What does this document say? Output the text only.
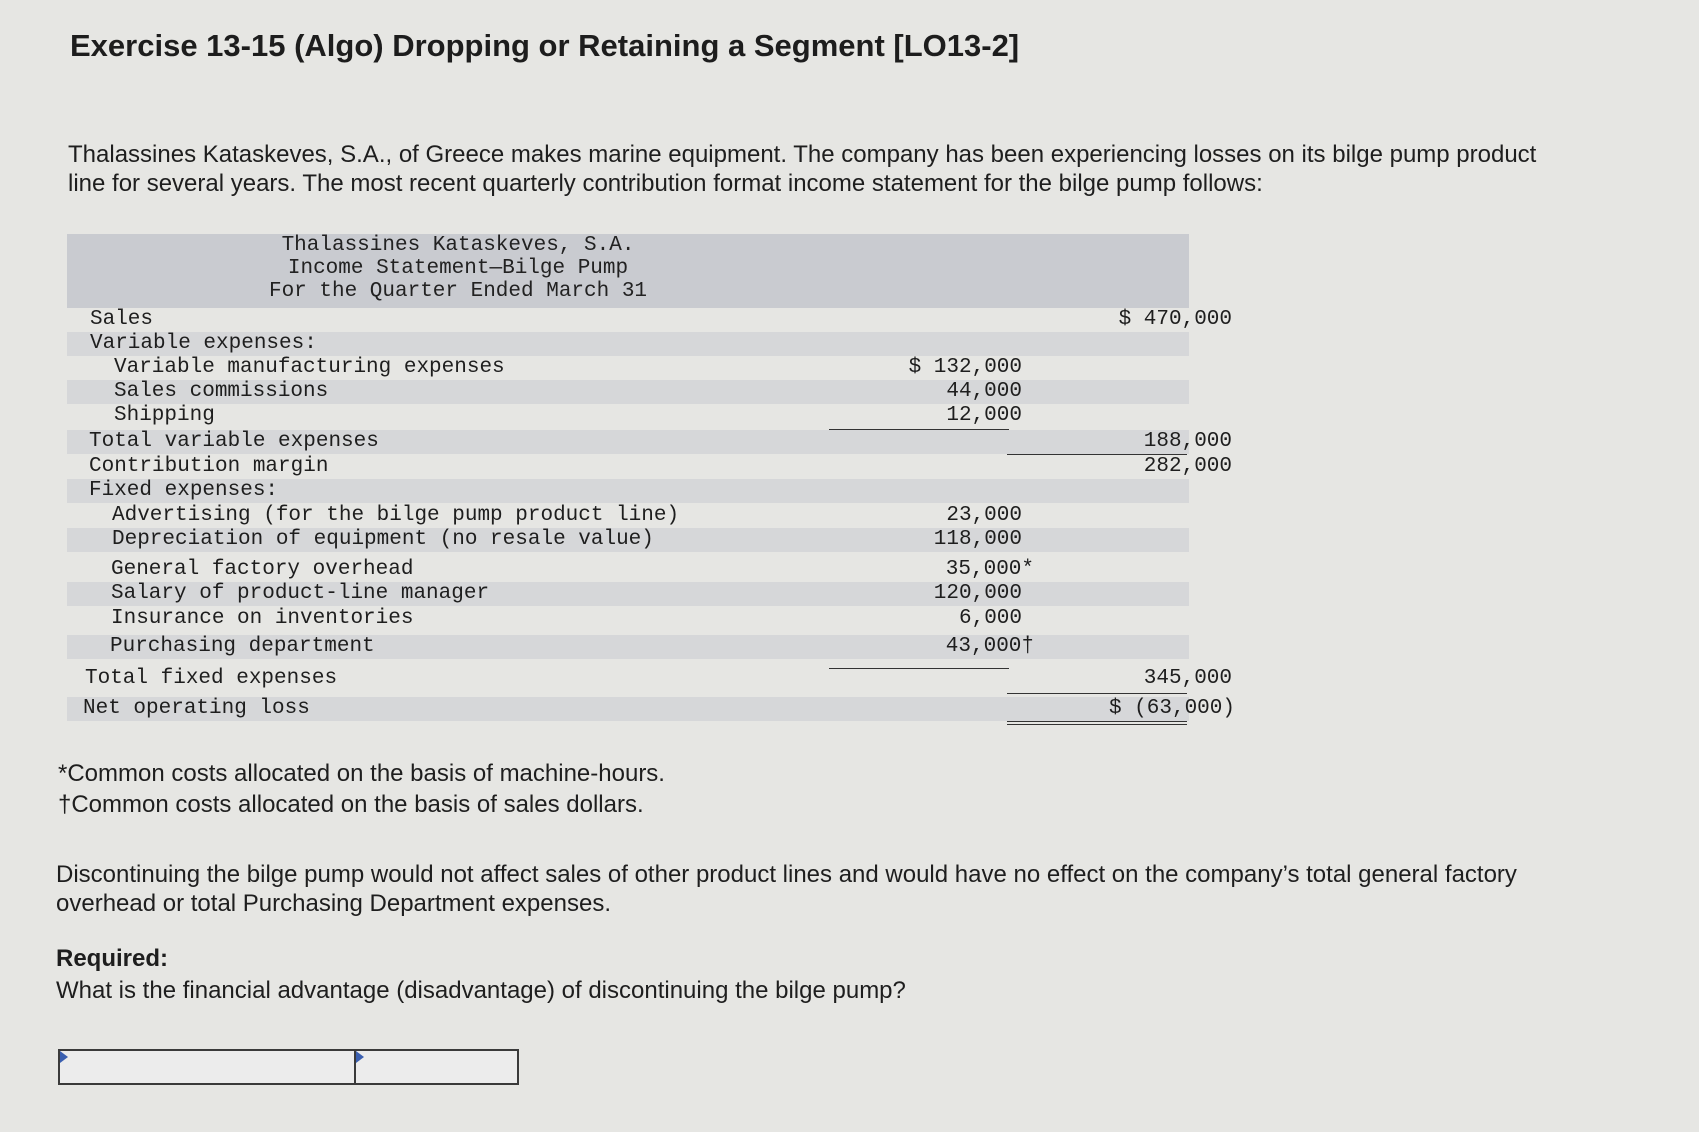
Exercise 13-15 (Algo) Dropping or Retaining a Segment [LO13-2]

Thalassines Kataskeves, S.A., of Greece makes marine equipment. The company has been experiencing losses on its bilge pump product line for several years. The most recent quarterly contribution format income statement for the bilge pump follows:

Thalassines Kataskeves, S.A.
Income Statement—Bilge Pump
For the Quarter Ended March 31
Sales	$ 470,000
Variable expenses:
Variable manufacturing expenses	$ 132,000
Sales commissions	44,000
Shipping	12,000
Total variable expenses	188,000
Contribution margin	282,000
Fixed expenses:
Advertising (for the bilge pump product line)	23,000
Depreciation of equipment (no resale value)	118,000
General factory overhead	35,000*
Salary of product-line manager	120,000
Insurance on inventories	6,000
Purchasing department	43,000†
Total fixed expenses	345,000
Net operating loss	$ (63,000)

*Common costs allocated on the basis of machine-hours.

†Common costs allocated on the basis of sales dollars.

Discontinuing the bilge pump would not affect sales of other product lines and would have no effect on the company’s total general factory overhead or total Purchasing Department expenses.

Required:

What is the financial advantage (disadvantage) of discontinuing the bilge pump?
